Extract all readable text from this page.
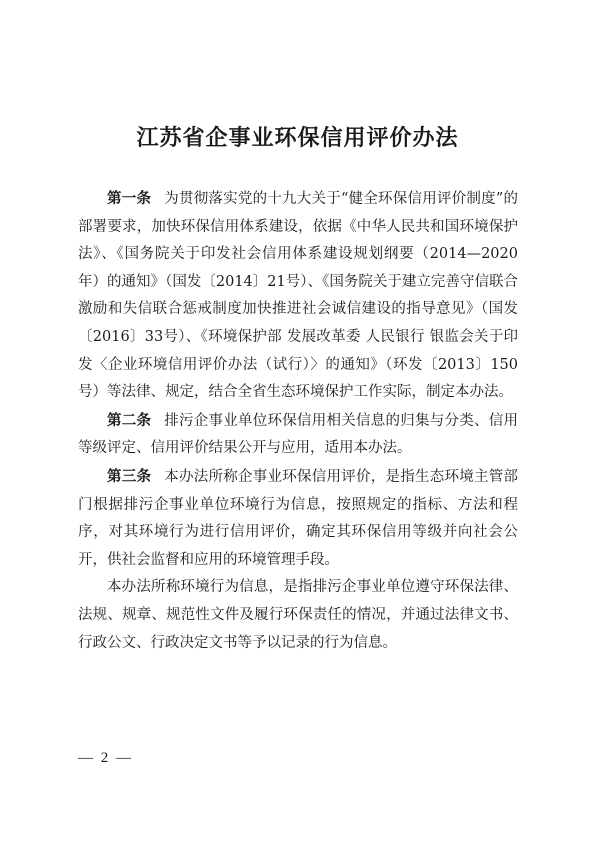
江苏省企事业环保信用评价办法

第一条 为贯彻落实党的十九大关于“健全环保信用评价制度”的部署要求，加快环保信用体系建设，依据《中华人民共和国环境保护法》、《国务院关于印发社会信用体系建设规划纲要（2014—2020年）的通知》（国发〔2014〕21号）、《国务院关于建立完善守信联合激励和失信联合惩戒制度加快推进社会诚信建设的指导意见》（国发〔2016〕33号）、《环境保护部 发展改革委 人民银行 银监会关于印发〈企业环境信用评价办法（试行）〉的通知》（环发〔2013〕150号）等法律、规定，结合全省生态环境保护工作实际，制定本办法。

第二条 排污企事业单位环保信用相关信息的归集与分类、信用等级评定、信用评价结果公开与应用，适用本办法。

第三条 本办法所称企事业环保信用评价，是指生态环境主管部门根据排污企事业单位环境行为信息，按照规定的指标、方法和程序，对其环境行为进行信用评价，确定其环保信用等级并向社会公开，供社会监督和应用的环境管理手段。

本办法所称环境行为信息，是指排污企事业单位遵守环保法律、法规、规章、规范性文件及履行环保责任的情况，并通过法律文书、行政公文、行政决定文书等予以记录的行为信息。

— 2 —
